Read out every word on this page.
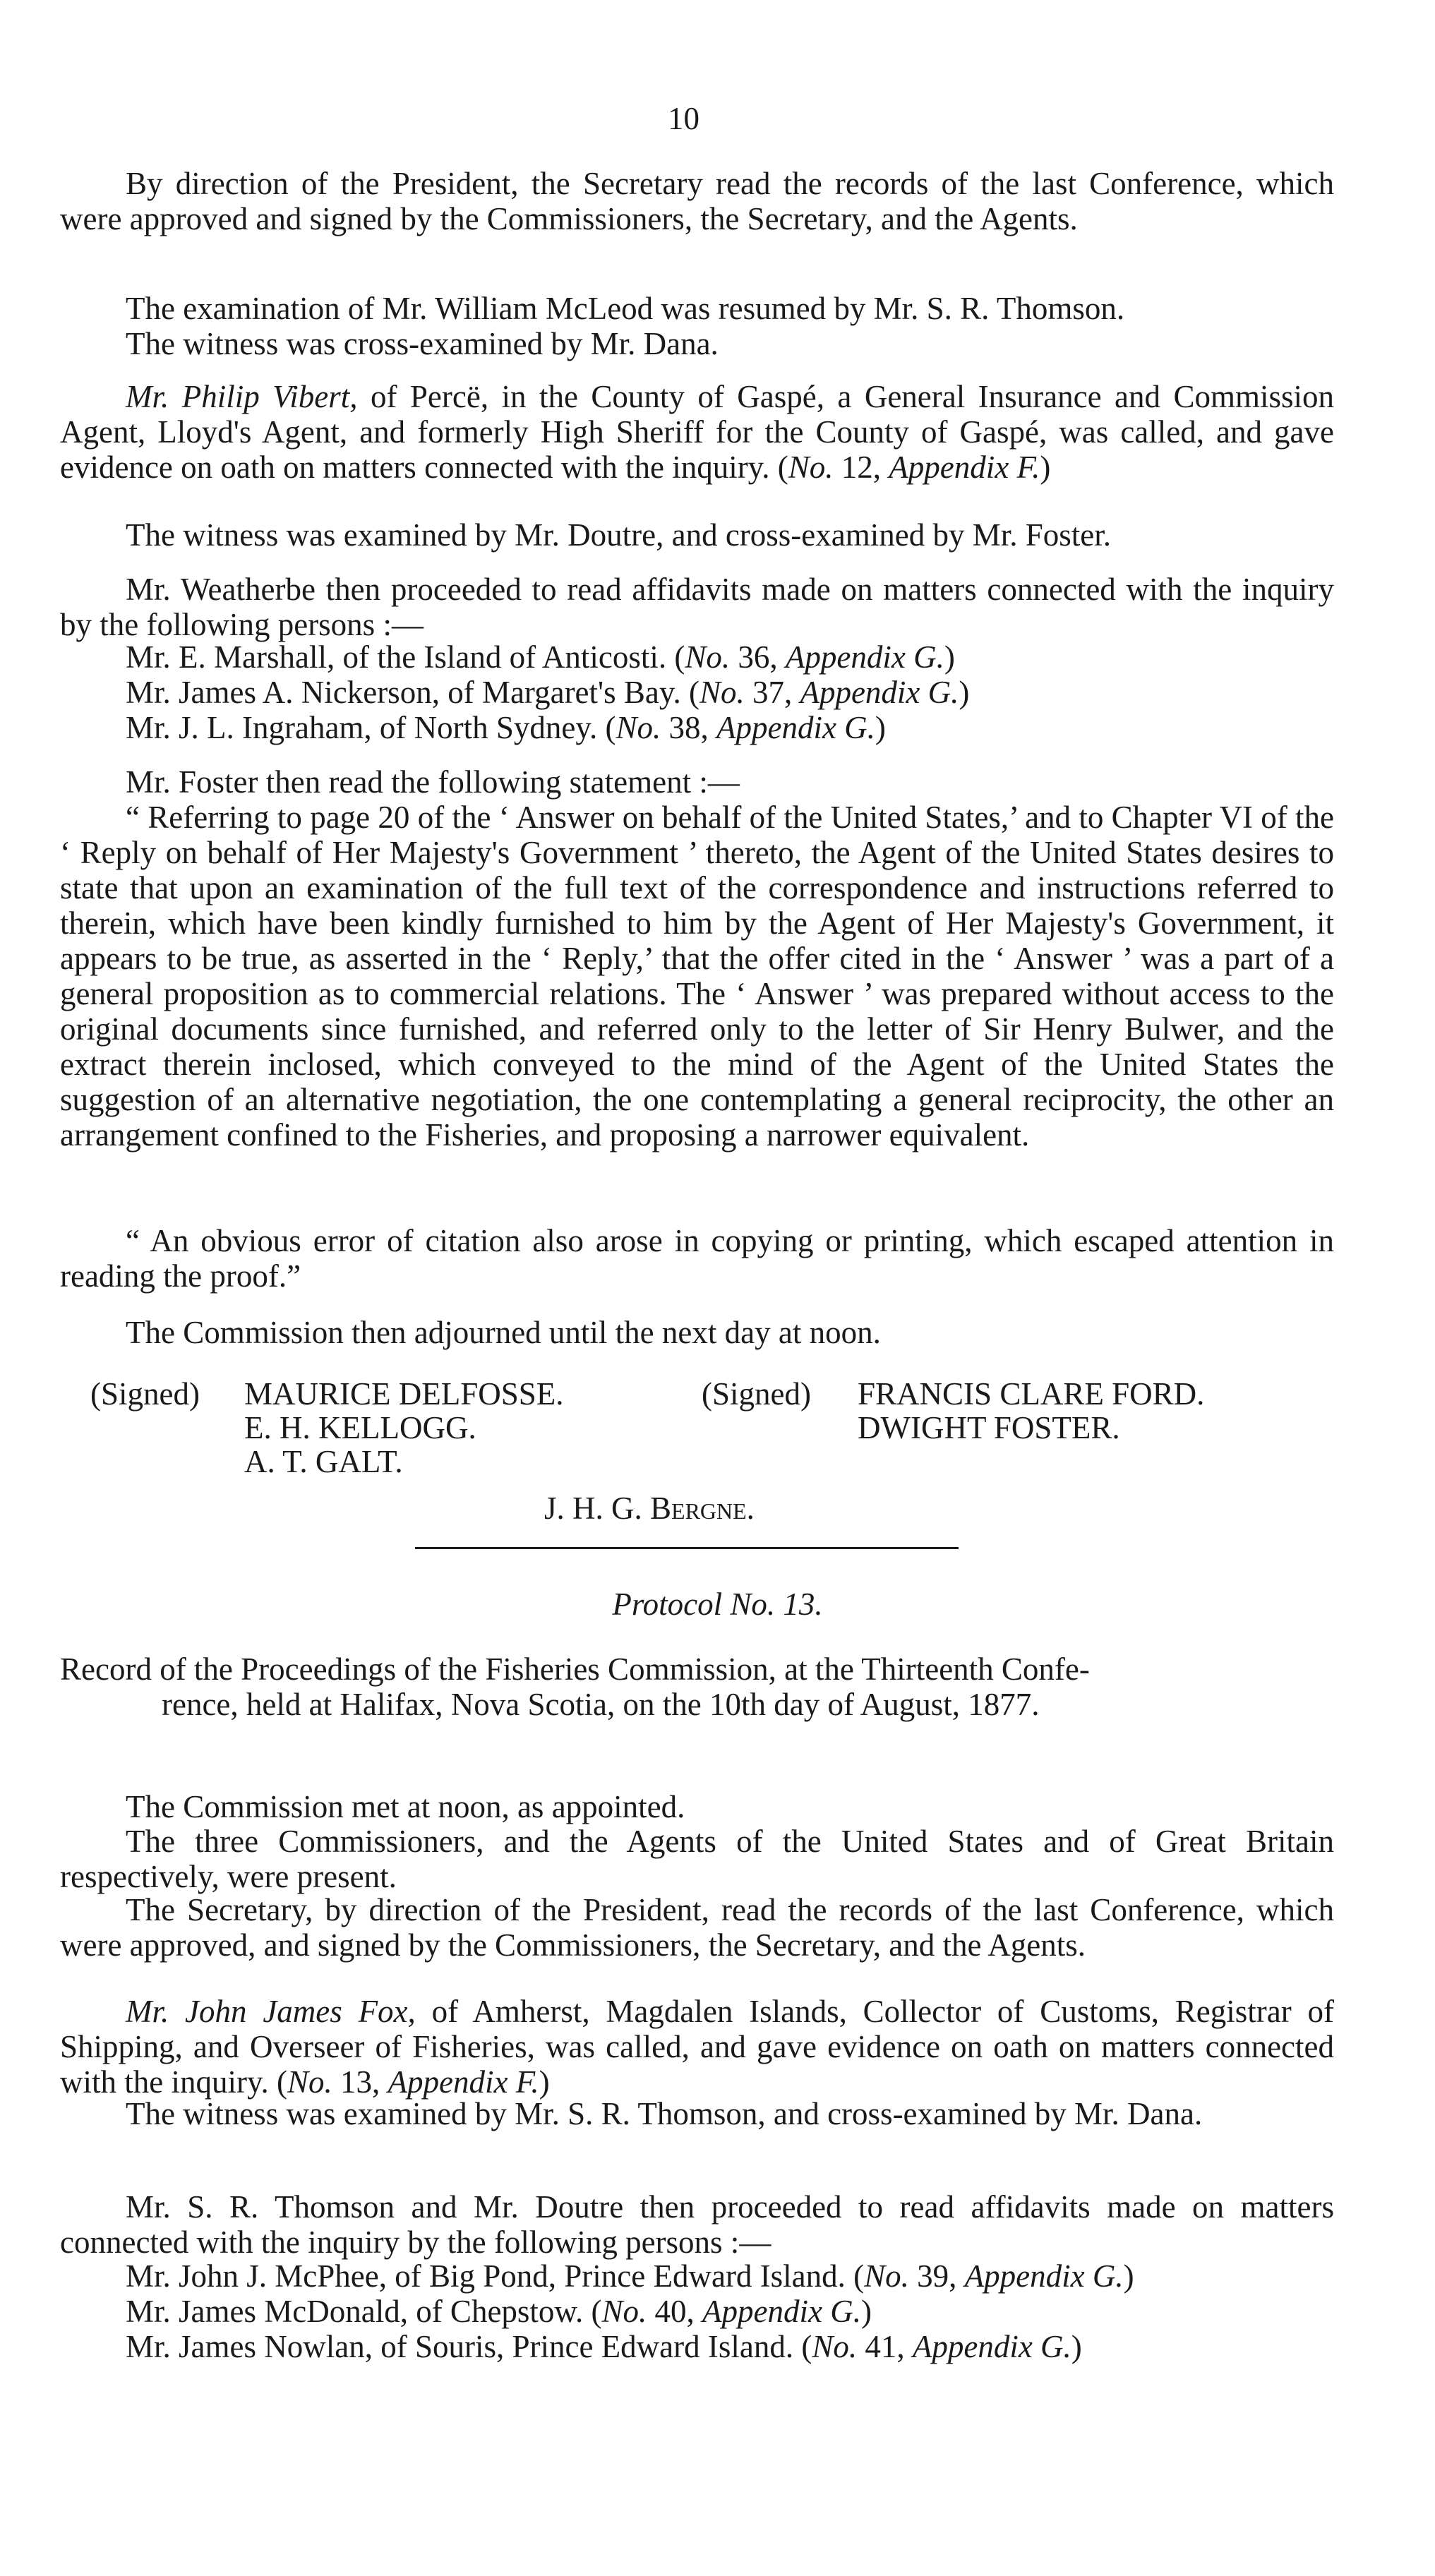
10

By direction of the President, the Secretary read the records of the last Conference, which were approved and signed by the Commissioners, the Secretary, and the Agents.

The examination of Mr. William McLeod was resumed by Mr. S. R. Thomson.
The witness was cross-examined by Mr. Dana.

Mr. Philip Vibert, of Percë, in the County of Gaspé, a General Insurance and Commission Agent, Lloyd's Agent, and formerly High Sheriff for the County of Gaspé, was called, and gave evidence on oath on matters connected with the inquiry. (No. 12, Appendix F.)

The witness was examined by Mr. Doutre, and cross-examined by Mr. Foster.

Mr. Weatherbe then proceeded to read affidavits made on matters connected with the inquiry by the following persons :—

Mr. E. Marshall, of the Island of Anticosti. (No. 36, Appendix G.)
Mr. James A. Nickerson, of Margaret's Bay. (No. 37, Appendix G.)
Mr. J. L. Ingraham, of North Sydney. (No. 38, Appendix G.)

Mr. Foster then read the following statement :—

“ Referring to page 20 of the ‘ Answer on behalf of the United States,’ and to Chapter VI of the ‘ Reply on behalf of Her Majesty's Government ’ thereto, the Agent of the United States desires to state that upon an examination of the full text of the correspondence and instructions referred to therein, which have been kindly furnished to him by the Agent of Her Majesty's Government, it appears to be true, as asserted in the ‘ Reply,’ that the offer cited in the ‘ Answer ’ was a part of a general proposition as to commercial relations. The ‘ Answer ’ was prepared without access to the original documents since furnished, and referred only to the letter of Sir Henry Bulwer, and the extract therein inclosed, which conveyed to the mind of the Agent of the United States the suggestion of an alternative negotiation, the one contemplating a general reciprocity, the other an arrangement confined to the Fisheries, and proposing a narrower equivalent.

“ An obvious error of citation also arose in copying or printing, which escaped attention in reading the proof.”

The Commission then adjourned until the next day at noon.

(Signed) MAURICE DELFOSSE.
E. H. KELLOGG.
A. T. GALT.
(Signed) FRANCIS CLARE FORD.
DWIGHT FOSTER.
J. H. G. Bergne.
Protocol No. 13.

Record of the Proceedings of the Fisheries Commission, at the Thirteenth Confe-
rence, held at Halifax, Nova Scotia, on the 10th day of August, 1877.

The Commission met at noon, as appointed.

The three Commissioners, and the Agents of the United States and of Great Britain respectively, were present.

The Secretary, by direction of the President, read the records of the last Conference, which were approved, and signed by the Commissioners, the Secretary, and the Agents.

Mr. John James Fox, of Amherst, Magdalen Islands, Collector of Customs, Registrar of Shipping, and Overseer of Fisheries, was called, and gave evidence on oath on matters connected with the inquiry. (No. 13, Appendix F.)

The witness was examined by Mr. S. R. Thomson, and cross-examined by Mr. Dana.

Mr. S. R. Thomson and Mr. Doutre then proceeded to read affidavits made on matters connected with the inquiry by the following persons :—

Mr. John J. McPhee, of Big Pond, Prince Edward Island. (No. 39, Appendix G.)
Mr. James McDonald, of Chepstow. (No. 40, Appendix G.)
Mr. James Nowlan, of Souris, Prince Edward Island. (No. 41, Appendix G.)
